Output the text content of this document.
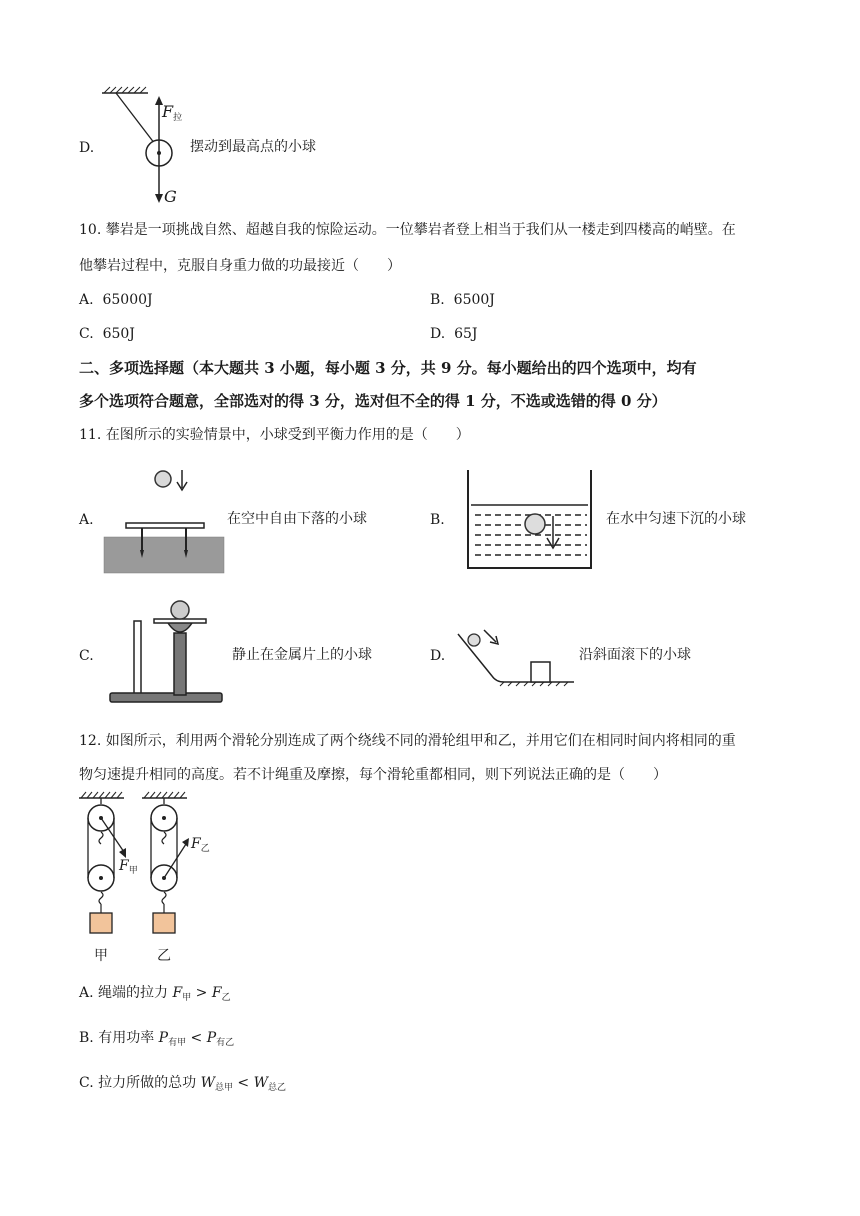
D.
$F_拉$
G
摆动到最高点的小球
10. 攀岩是一项挑战自然、超越自我的惊险运动。一位攀岩者登上相当于我们从一楼走到四楼高的峭壁。在
他攀岩过程中，克服自身重力做的功最接近（　　）
A. 65000J	B. 6500J
C. 650J	D. 65J
二、多项选择题（本大题共 3 小题，每小题 3 分，共 9 分。每小题给出的四个选项中，均有
多个选项符合题意，全部选对的得 3 分，选对但不全的得 1 分，不选或选错的得 0 分）
11. 在图所示的实验情景中，小球受到平衡力作用的是（　　）
A.	在空中自由下落的小球	B.	在水中匀速下沉的小球
C.	静止在金属片上的小球	D.	沿斜面滚下的小球
12. 如图所示，利用两个滑轮分别连成了两个绕线不同的滑轮组甲和乙，并用它们在相同时间内将相同的重
物匀速提升相同的高度。若不计绳重及摩擦，每个滑轮重都相同，则下列说法正确的是（　　）
$F_甲$
$F_乙$
甲	乙
A. 绳端的拉力 $F_甲 > F_乙$
B. 有用功率 $P_{有甲} < P_{有乙}$
C. 拉力所做的总功 $W_{总甲} < W_{总乙}$
